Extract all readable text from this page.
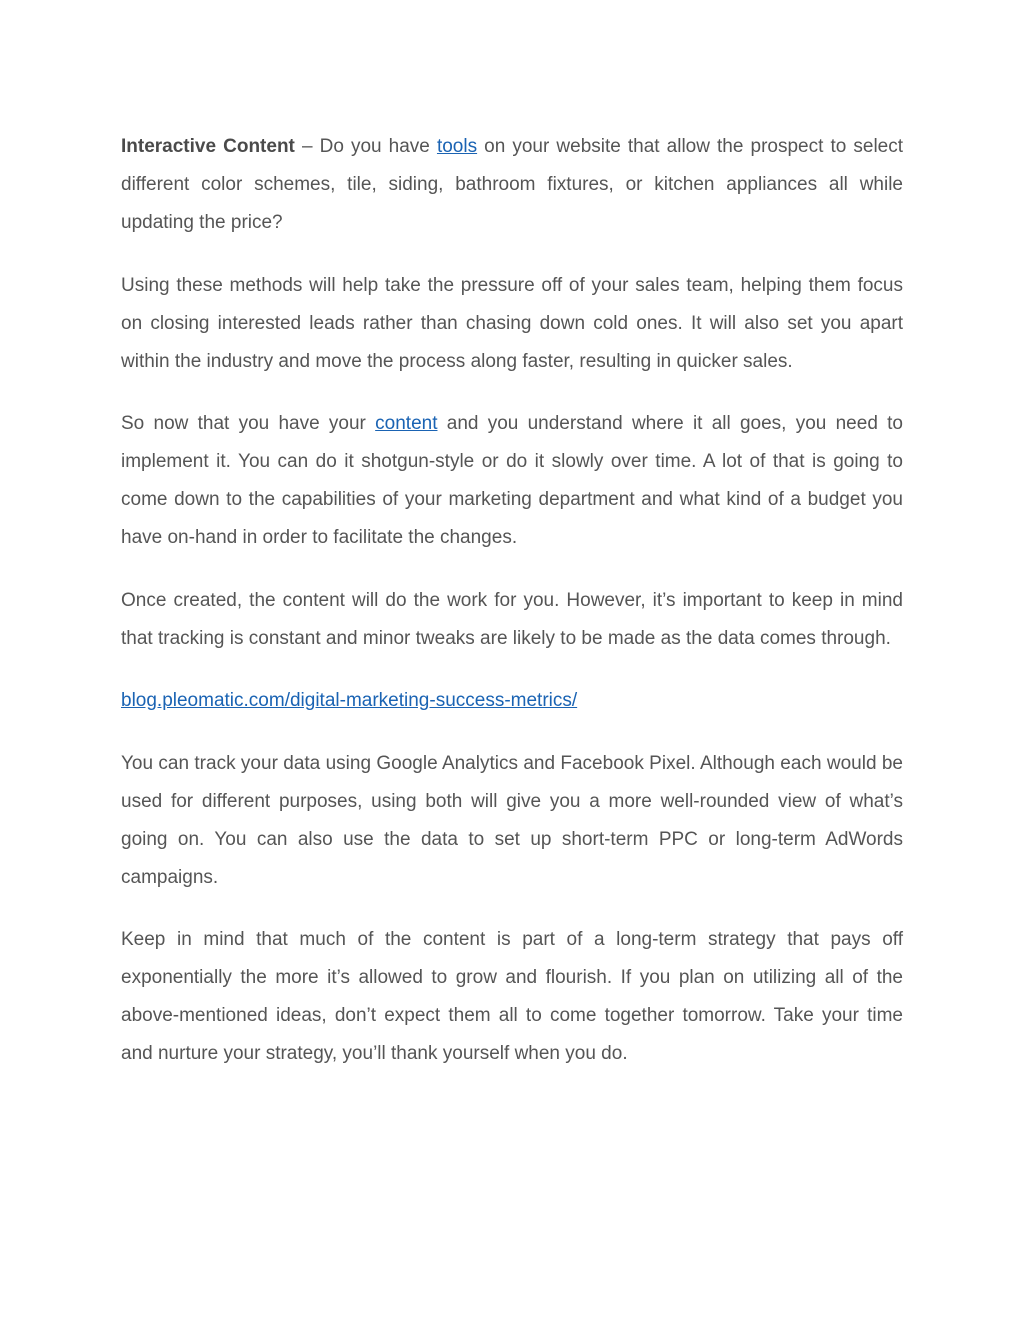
Interactive Content – Do you have tools on your website that allow the prospect to select different color schemes, tile, siding, bathroom fixtures, or kitchen appliances all while updating the price?

Using these methods will help take the pressure off of your sales team, helping them focus on closing interested leads rather than chasing down cold ones. It will also set you apart within the industry and move the process along faster, resulting in quicker sales.

So now that you have your content and you understand where it all goes, you need to implement it. You can do it shotgun-style or do it slowly over time. A lot of that is going to come down to the capabilities of your marketing department and what kind of a budget you have on-hand in order to facilitate the changes.

Once created, the content will do the work for you. However, it’s important to keep in mind that tracking is constant and minor tweaks are likely to be made as the data comes through.

blog.pleomatic.com/digital-marketing-success-metrics/

You can track your data using Google Analytics and Facebook Pixel. Although each would be used for different purposes, using both will give you a more well-rounded view of what’s going on. You can also use the data to set up short-term PPC or long-term AdWords campaigns.

Keep in mind that much of the content is part of a long-term strategy that pays off exponentially the more it’s allowed to grow and flourish. If you plan on utilizing all of the above-mentioned ideas, don’t expect them all to come together tomorrow. Take your time and nurture your strategy, you’ll thank yourself when you do.
